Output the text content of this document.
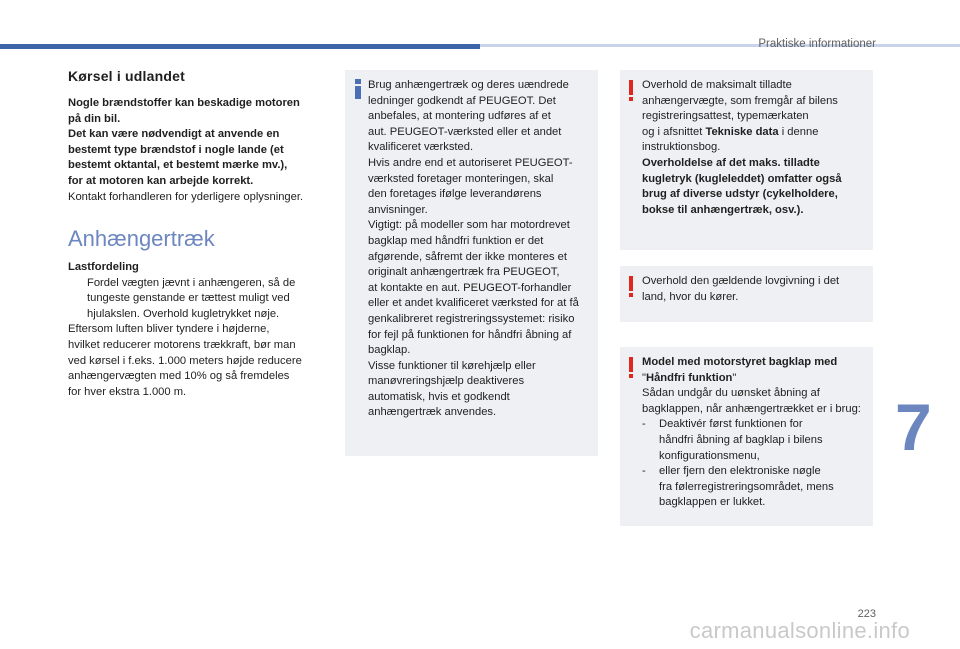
Praktiske informationer
Kørsel i udlandet

Nogle brændstoffer kan beskadige motoren

på din bil.

Det kan være nødvendigt at anvende en

bestemt type brændstof i nogle lande (et

bestemt oktantal, et bestemt mærke mv.),

for at motoren kan arbejde korrekt.

Kontakt forhandleren for yderligere oplysninger.

Anhængertræk

Lastfordeling

Fordel vægten jævnt i anhængeren, så de

tungeste genstande er tættest muligt ved

hjulakslen. Overhold kugletrykket nøje.

Eftersom luften bliver tyndere i højderne,

hvilket reducerer motorens trækkraft, bør man

ved kørsel i f.eks. 1.000 meters højde reducere

anhængervægten med 10% og så fremdeles

for hver ekstra 1.000 m.

Brug anhængertræk og deres uændrede

ledninger godkendt af PEUGEOT. Det

anbefales, at montering udføres af et

aut. PEUGEOT-værksted eller et andet

kvalificeret værksted.

Hvis andre end et autoriseret PEUGEOT-

værksted foretager monteringen, skal

den foretages ifølge leverandørens

anvisninger.

Vigtigt: på modeller som har motordrevet

bagklap med håndfri funktion er det

afgørende, såfremt der ikke monteres et

originalt anhængertræk fra PEUGEOT,

at kontakte en aut. PEUGEOT-forhandler

eller et andet kvalificeret værksted for at få

genkalibreret registreringssystemet: risiko

for fejl på funktionen for håndfri åbning af

bagklap.

Visse funktioner til kørehjælp eller

manøvreringshjælp deaktiveres

automatisk, hvis et godkendt

anhængertræk anvendes.

Overhold de maksimalt tilladte

anhængervægte, som fremgår af bilens

registreringsattest, typemærkaten

og i afsnittet Tekniske data i denne

instruktionsbog.

Overholdelse af det maks. tilladte

kugletryk (kugleleddet) omfatter også

brug af diverse udstyr (cykelholdere,

bokse til anhængertræk, osv.).

Overhold den gældende lovgivning i det

land, hvor du kører.

Model med motorstyret bagklap med

"Håndfri funktion"

Sådan undgår du uønsket åbning af

bagklappen, når anhængertrækket er i brug:

- Deaktivér først funktionen for

håndfri åbning af bagklap i bilens

konfigurationsmenu,

- eller fjern den elektroniske nøgle

fra følerregistreringsområdet, mens

bagklappen er lukket.

7
223
carmanualsonline.info
